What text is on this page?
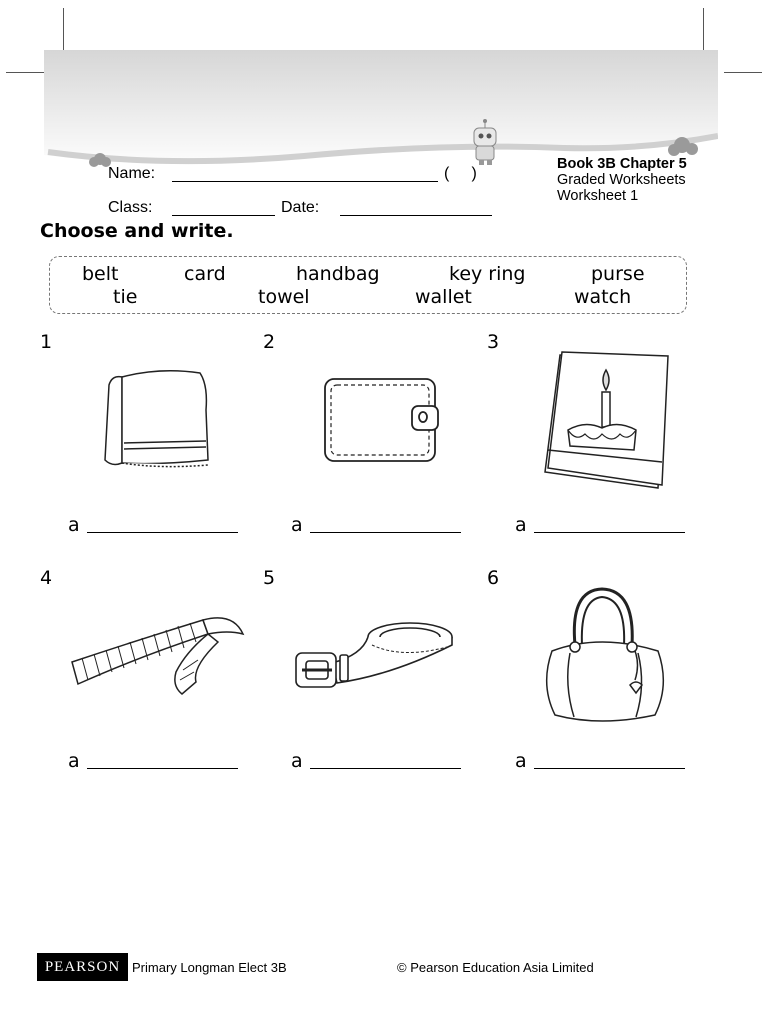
Name:	(     )
Class:	Date:
Book 3B Chapter 5
Graded Worksheets
Worksheet 1
Choose and write.
belt	card	handbag	key ring	purse
tie	towel	wallet	watch
1	2	3
4	5	6
a	a	a
a	a	a
PEARSON Primary Longman Elect 3B	© Pearson Education Asia Limited
